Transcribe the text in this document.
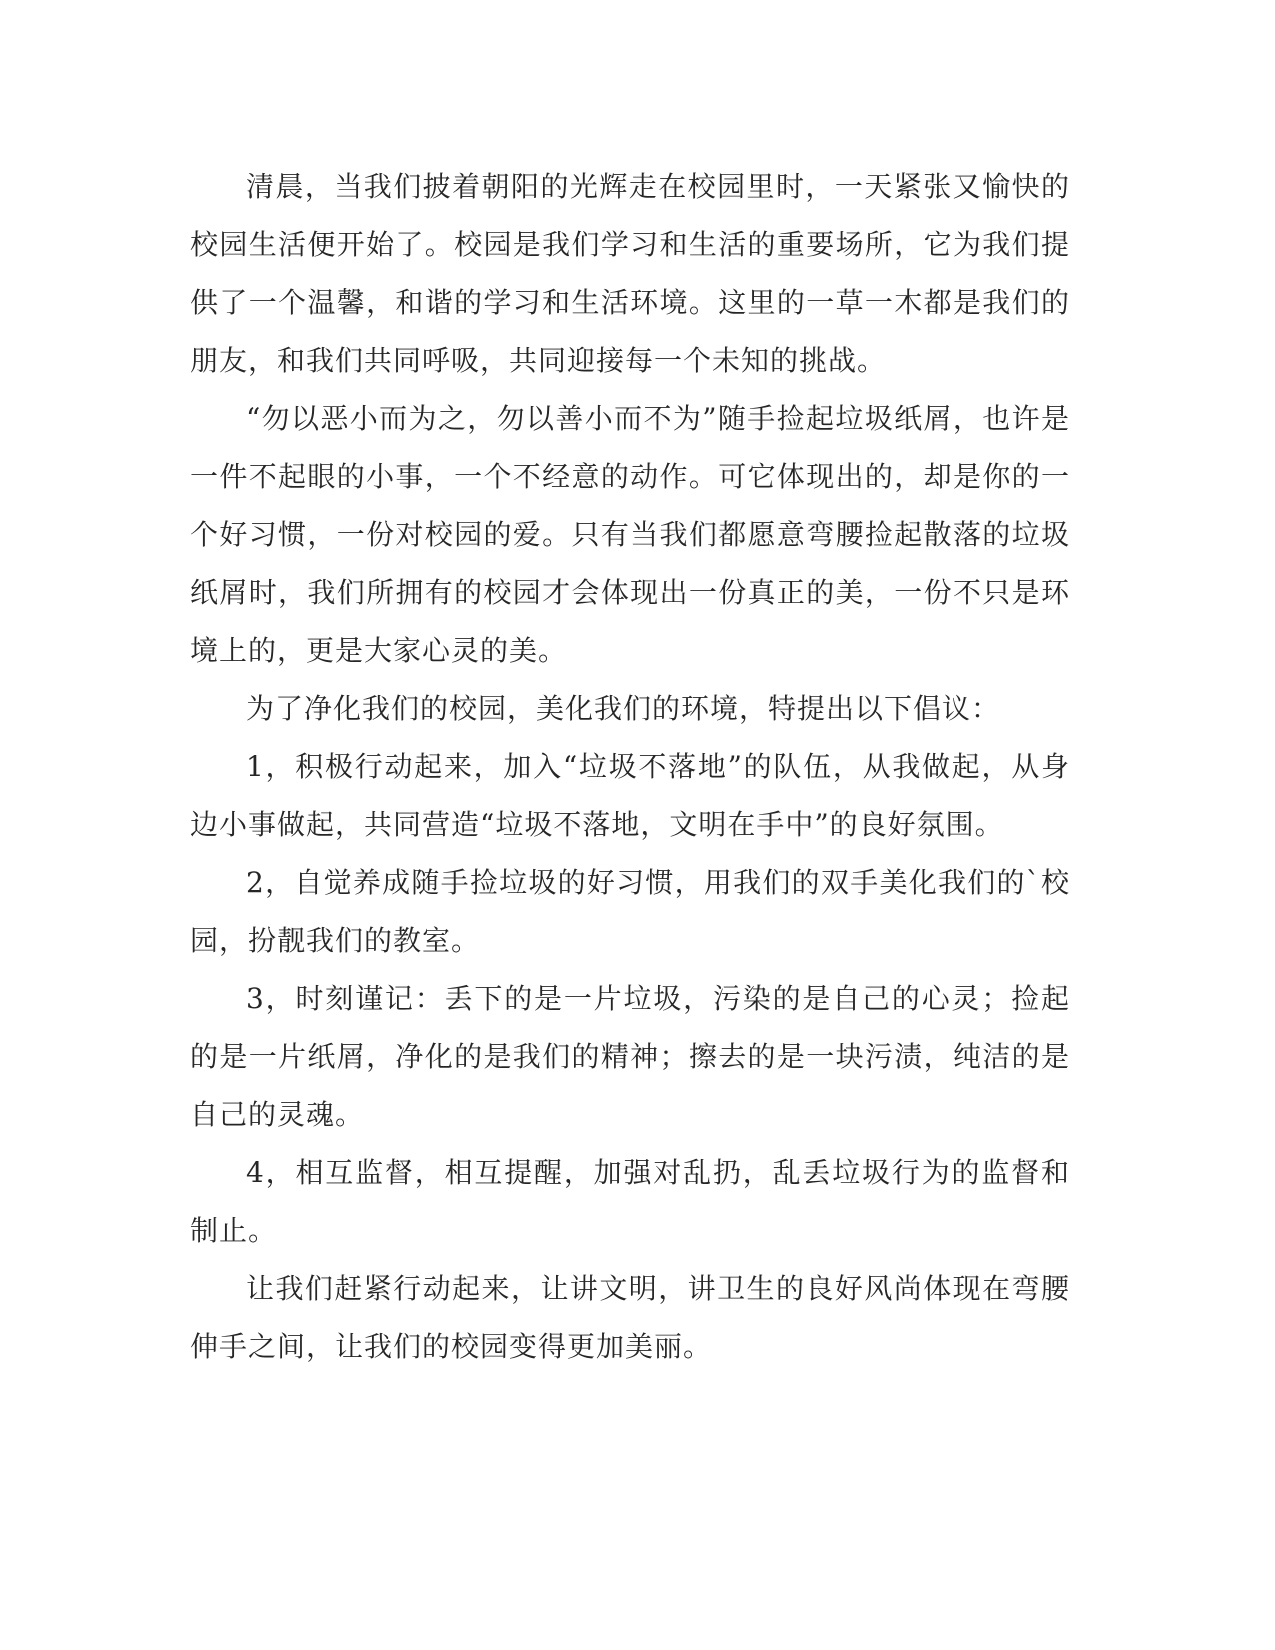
清晨，当我们披着朝阳的光辉走在校园里时，一天紧张又愉快的校园生活便开始了。校园是我们学习和生活的重要场所，它为我们提供了一个温馨，和谐的学习和生活环境。这里的一草一木都是我们的朋友，和我们共同呼吸，共同迎接每一个未知的挑战。

“勿以恶小而为之，勿以善小而不为”随手捡起垃圾纸屑，也许是一件不起眼的小事，一个不经意的动作。可它体现出的，却是你的一个好习惯，一份对校园的爱。只有当我们都愿意弯腰捡起散落的垃圾纸屑时，我们所拥有的校园才会体现出一份真正的美，一份不只是环境上的，更是大家心灵的美。

为了净化我们的校园，美化我们的环境，特提出以下倡议：

1，积极行动起来，加入“垃圾不落地”的队伍，从我做起，从身边小事做起，共同营造“垃圾不落地，文明在手中”的良好氛围。

2，自觉养成随手捡垃圾的好习惯，用我们的双手美化我们的`校园，扮靓我们的教室。

3，时刻谨记：丢下的是一片垃圾，污染的是自己的心灵；捡起的是一片纸屑，净化的是我们的精神；擦去的是一块污渍，纯洁的是自己的灵魂。

4，相互监督，相互提醒，加强对乱扔，乱丢垃圾行为的监督和制止。

让我们赶紧行动起来，让讲文明，讲卫生的良好风尚体现在弯腰伸手之间，让我们的校园变得更加美丽。
